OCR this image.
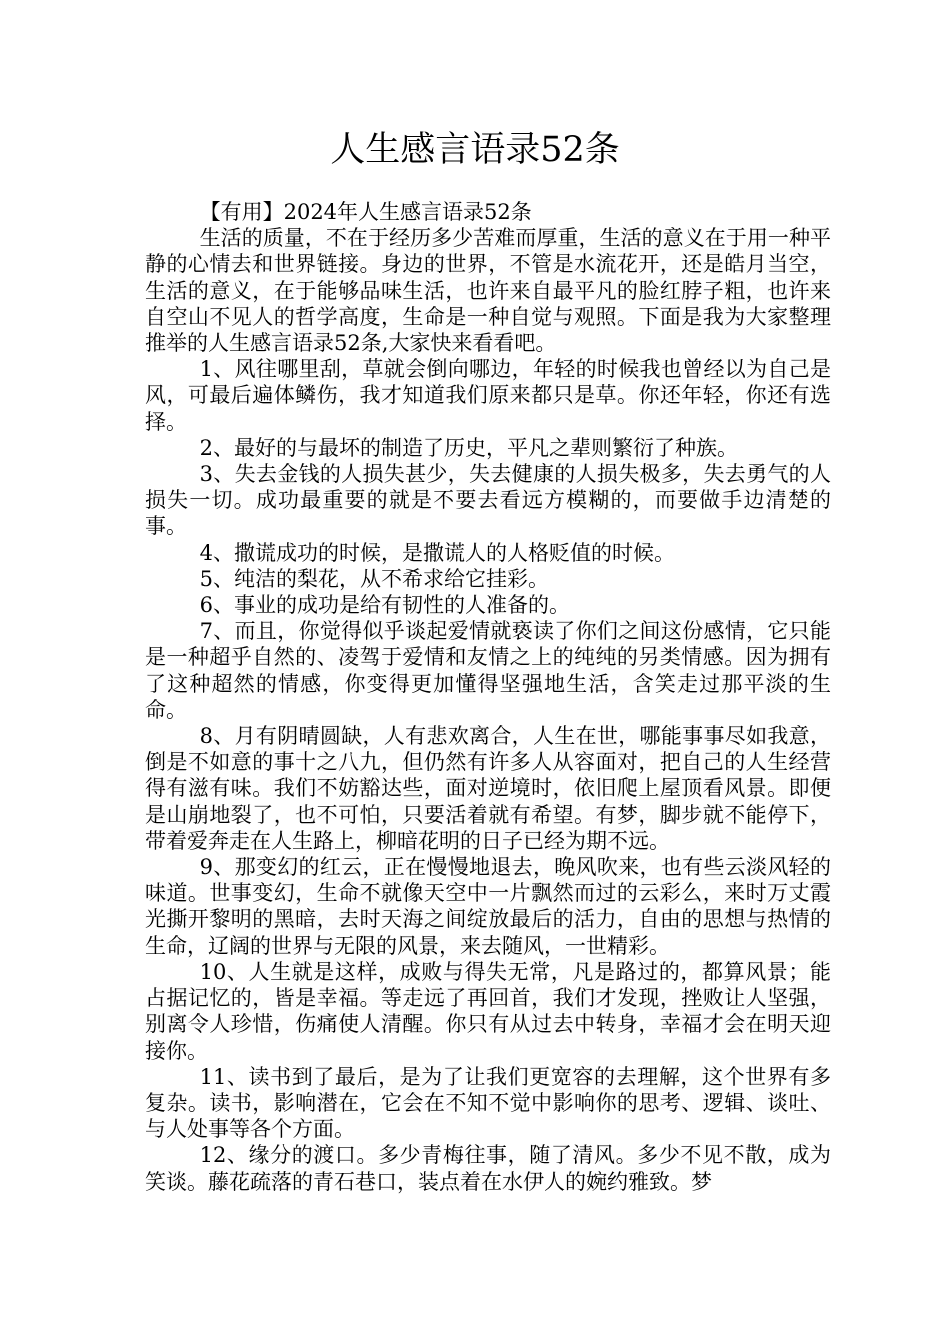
人生感言语录52条

【有用】2024年人生感言语录52条

生活的质量，不在于经历多少苦难而厚重，生活的意义在于用一种平静的心情去和世界链接。身边的世界，不管是水流花开，还是皓月当空，生活的意义，在于能够品味生活，也许来自最平凡的脸红脖子粗，也许来自空山不见人的哲学高度，生命是一种自觉与观照。下面是我为大家整理推举的人生感言语录52条,大家快来看看吧。

1、风往哪里刮，草就会倒向哪边，年轻的时候我也曾经以为自己是风，可最后遍体鳞伤，我才知道我们原来都只是草。你还年轻，你还有选择。

2、最好的与最坏的制造了历史，平凡之辈则繁衍了种族。

3、失去金钱的人损失甚少，失去健康的人损失极多，失去勇气的人损失一切。成功最重要的就是不要去看远方模糊的，而要做手边清楚的事。

4、撒谎成功的时候，是撒谎人的人格贬值的时候。

5、纯洁的梨花，从不希求给它挂彩。

6、事业的成功是给有韧性的人准备的。

7、而且，你觉得似乎谈起爱情就亵读了你们之间这份感情，它只能是一种超乎自然的、凌驾于爱情和友情之上的纯纯的另类情感。因为拥有了这种超然的情感，你变得更加懂得坚强地生活，含笑走过那平淡的生命。

8、月有阴晴圆缺，人有悲欢离合，人生在世，哪能事事尽如我意，倒是不如意的事十之八九，但仍然有许多人从容面对，把自己的人生经营得有滋有味。我们不妨豁达些，面对逆境时，依旧爬上屋顶看风景。即便是山崩地裂了，也不可怕，只要活着就有希望。有梦，脚步就不能停下，带着爱奔走在人生路上，柳暗花明的日子已经为期不远。

9、那变幻的红云，正在慢慢地退去，晚风吹来，也有些云淡风轻的味道。世事变幻，生命不就像天空中一片飘然而过的云彩么，来时万丈霞光撕开黎明的黑暗，去时天海之间绽放最后的活力，自由的思想与热情的生命，辽阔的世界与无限的风景，来去随风，一世精彩。

10、人生就是这样，成败与得失无常，凡是路过的，都算风景；能占据记忆的，皆是幸福。等走远了再回首，我们才发现，挫败让人坚强，别离令人珍惜，伤痛使人清醒。你只有从过去中转身，幸福才会在明天迎接你。

11、读书到了最后，是为了让我们更宽容的去理解，这个世界有多复杂。读书，影响潜在，它会在不知不觉中影响你的思考、逻辑、谈吐、与人处事等各个方面。

12、缘分的渡口。多少青梅往事，随了清风。多少不见不散，成为笑谈。藤花疏落的青石巷口，装点着在水伊人的婉约雅致。梦
